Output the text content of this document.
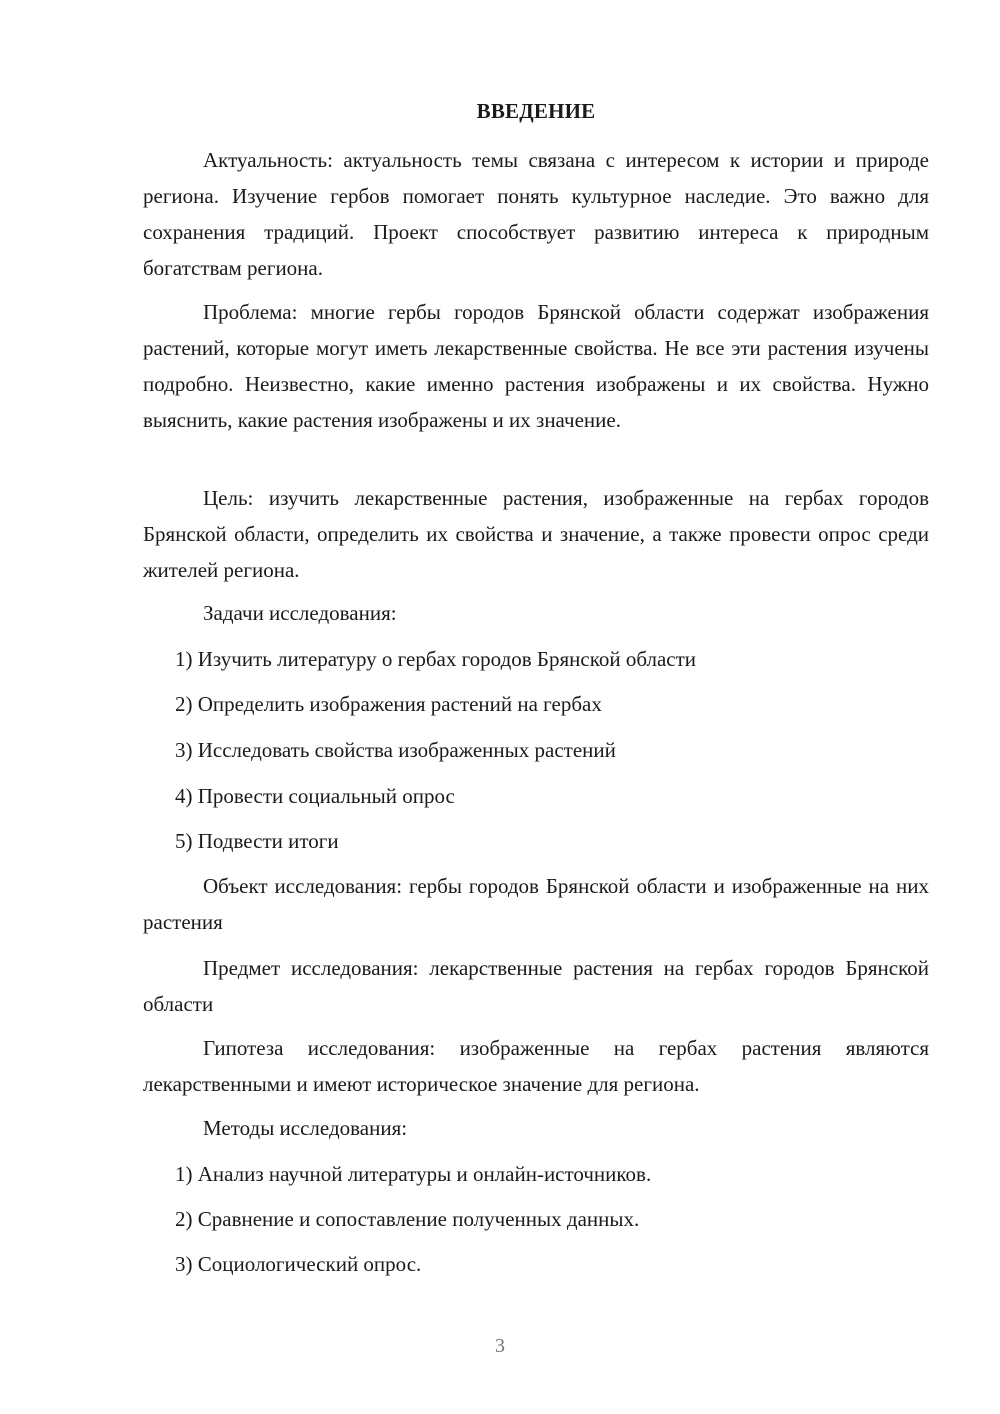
ВВЕДЕНИЕ

Актуальность: актуальность темы связана с интересом к истории и природе региона. Изучение гербов помогает понять культурное наследие. Это важно для сохранения традиций. Проект способствует развитию интереса к природным богатствам региона.

Проблема: многие гербы городов Брянской области содержат изображения растений, которые могут иметь лекарственные свойства. Не все эти растения изучены подробно. Неизвестно, какие именно растения изображены и их свойства. Нужно выяснить, какие растения изображены и их значение.

Цель: изучить лекарственные растения, изображенные на гербах городов Брянской области, определить их свойства и значение, а также провести опрос среди жителей региона.

Задачи исследования:
1) Изучить литературу о гербах городов Брянской области
2) Определить изображения растений на гербах
3) Исследовать свойства изображенных растений
4) Провести социальный опрос
5) Подвести итоги

Объект исследования: гербы городов Брянской области и изображенные на них растения

Предмет исследования: лекарственные растения на гербах городов Брянской области

Гипотеза исследования: изображенные на гербах растения являются лекарственными и имеют историческое значение для региона.

Методы исследования:
1) Анализ научной литературы и онлайн-источников.
2) Сравнение и сопоставление полученных данных.
3) Социологический опрос.
3
